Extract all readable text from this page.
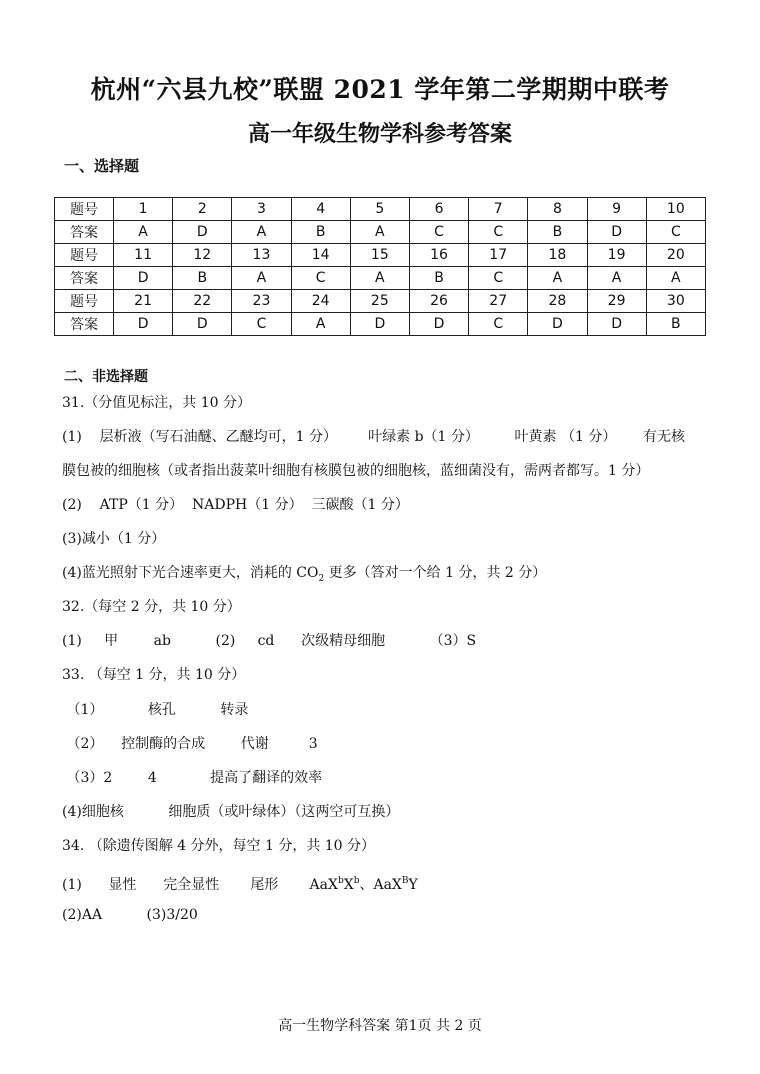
杭州“六县九校”联盟 2021 学年第二学期期中联考
高一年级生物学科参考答案
一、选择题
题号	1	2	3	4	5	6	7	8	9	10
答案	A	D	A	B	A	C	C	B	D	C
题号	11	12	13	14	15	16	17	18	19	20
答案	D	B	A	C	A	B	C	A	A	A
题号	21	22	23	24	25	26	27	28	29	30
答案	D	D	C	A	D	D	C	D	D	B
二、非选择题
31.（分值见标注，共 10 分）
(1)    层析液（写石油醚、乙醚均可，1 分）       叶绿素 b（1 分）        叶黄素 （1 分）      有无核
膜包被的细胞核（或者指出菠菜叶细胞有核膜包被的细胞核，蓝细菌没有，需两者都写。1 分）
(2)    ATP（1 分）  NADPH（1 分）  三碳酸（1 分）
(3)减小（1 分）
(4)蓝光照射下光合速率更大，消耗的 $CO_2$ 更多（答对一个给 1 分，共 2 分）
32.（每空 2 分，共 10 分）
(1)     甲        ab          (2)     cd      次级精母细胞          （3）S
33. （每空 1 分，共 10 分）
（1）          核孔          转录
（2）    控制酶的合成        代谢         3
（3）2        4            提高了翻译的效率
(4)细胞核          细胞质（或叶绿体）（这两空可互换）
34. （除遗传图解 4 分外，每空 1 分，共 10 分）
(1)      显性      完全显性       尾形       $AaX^bX^b$、AaX$^B$Y
(2)AA          (3)3/20
高一生物学科答案 第1页 共 2 页
